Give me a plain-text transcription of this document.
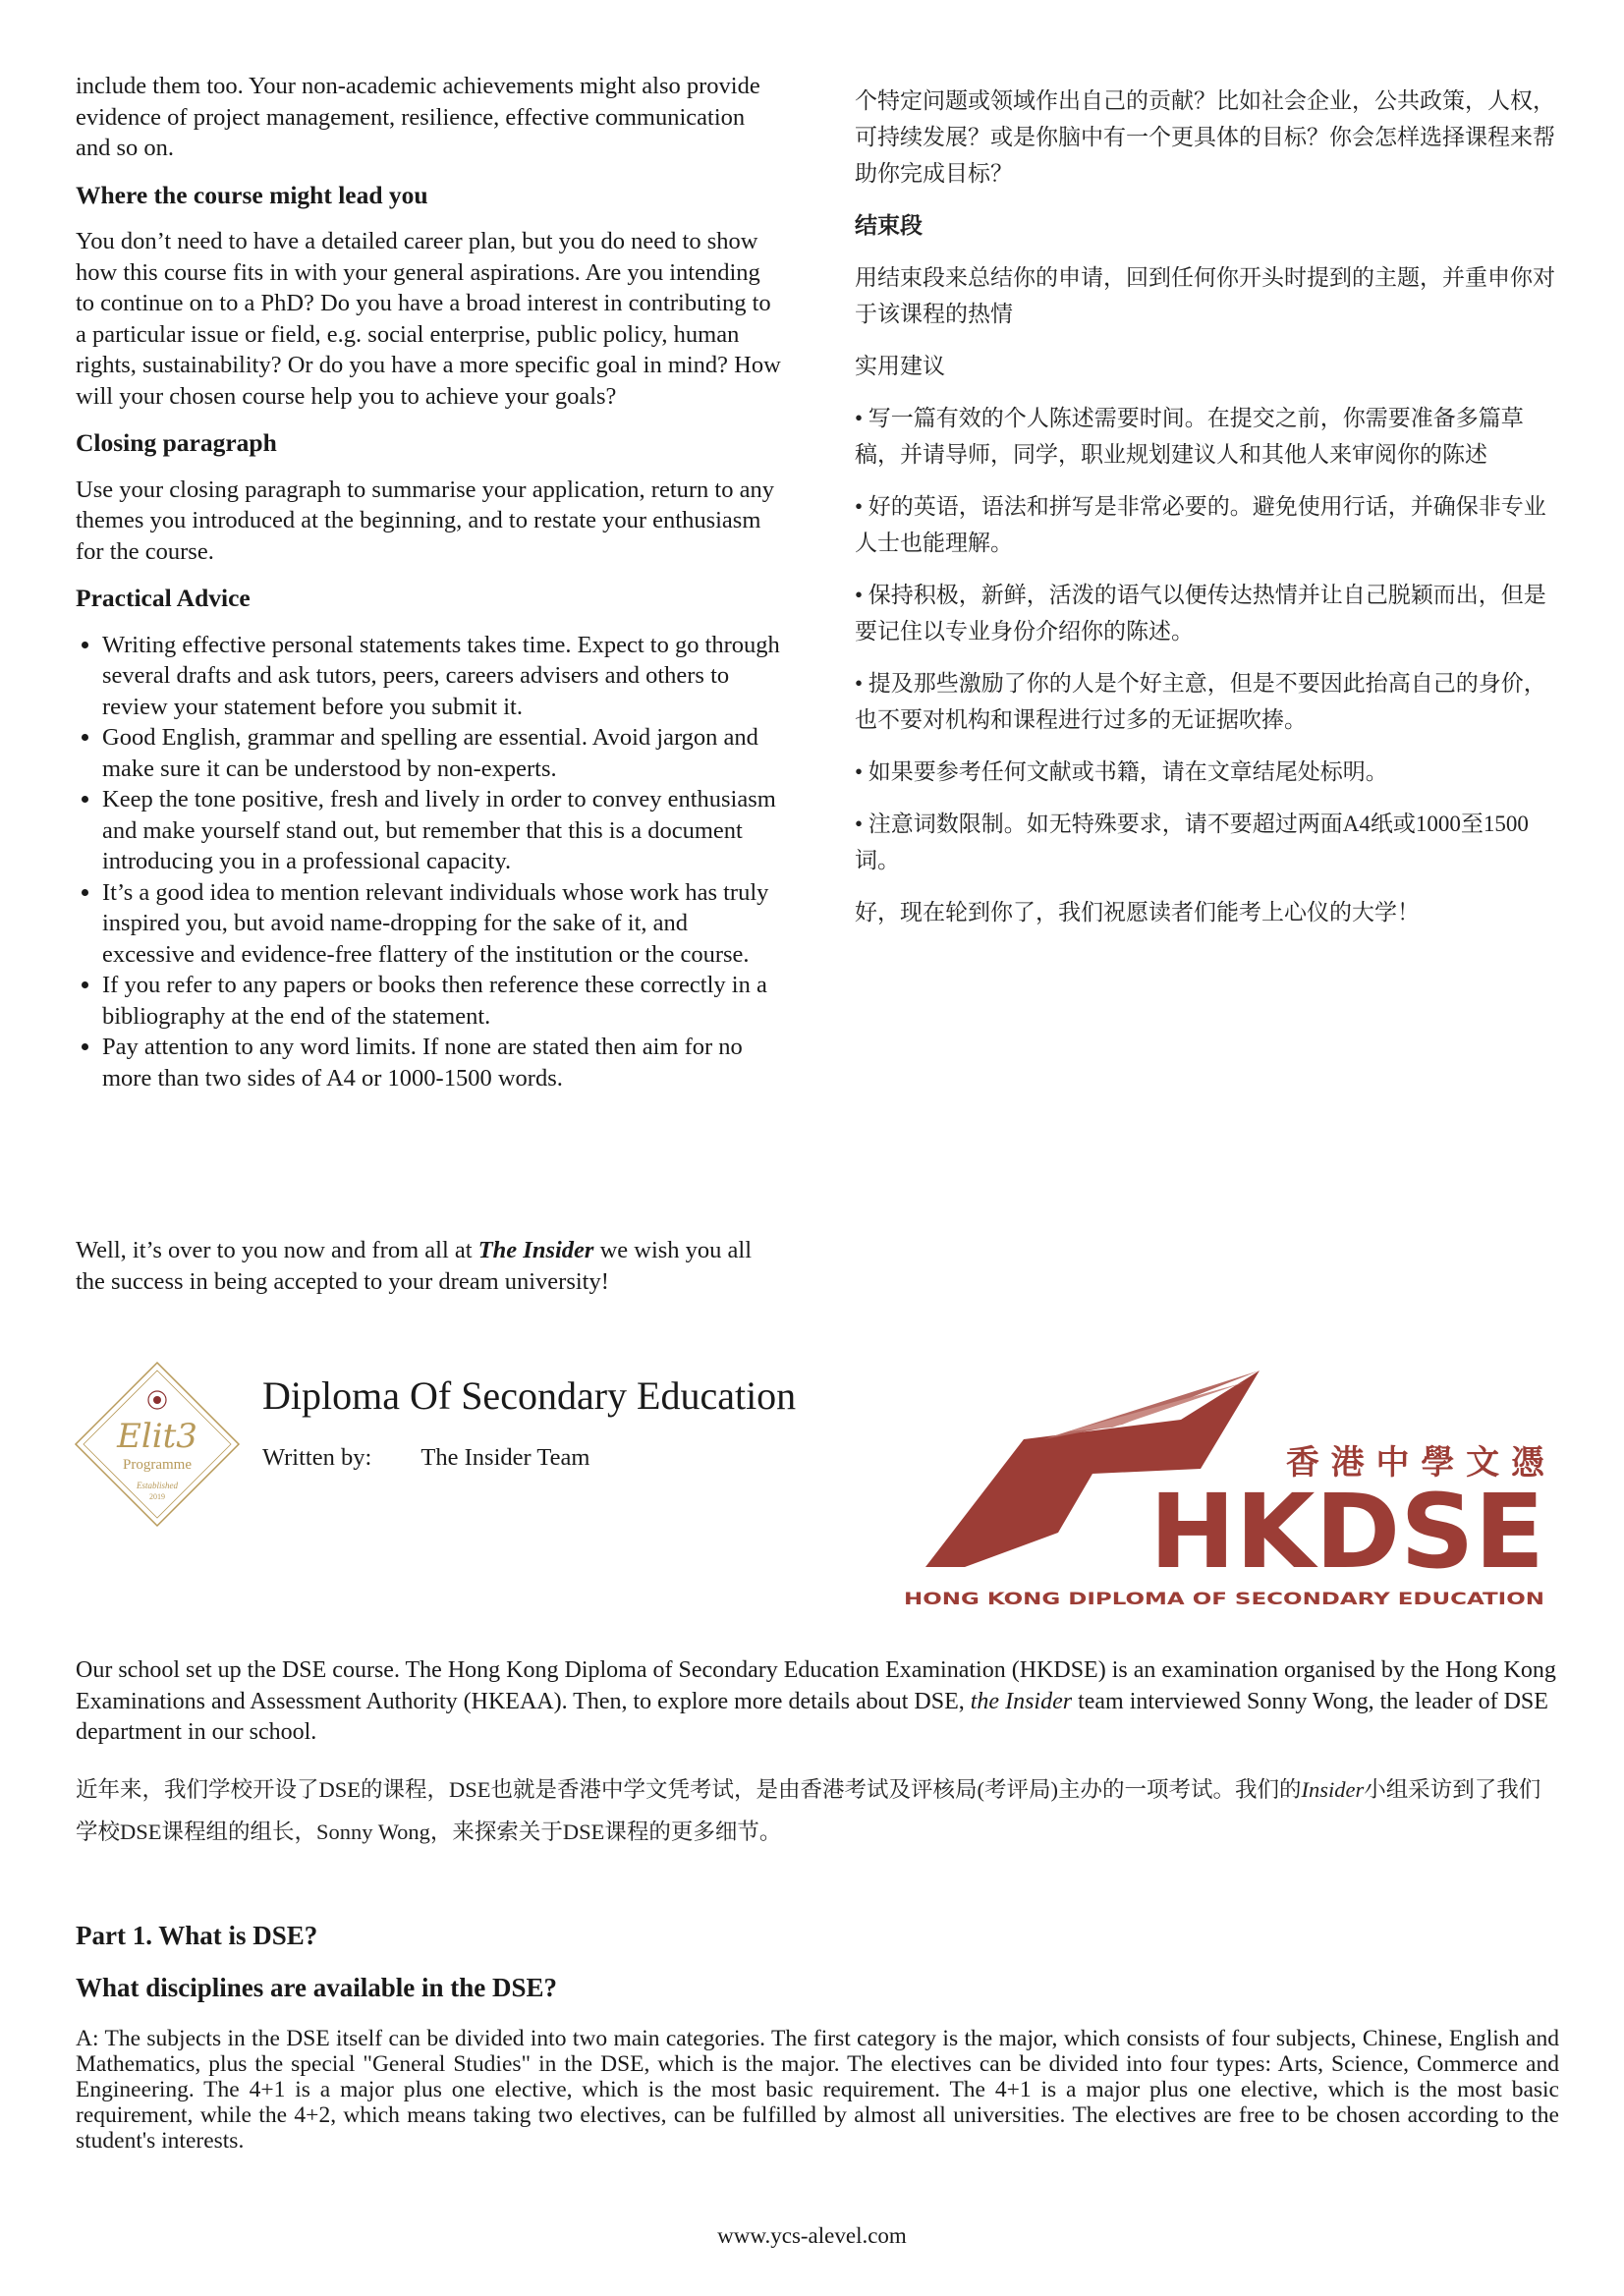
include them too. Your non-academic achievements might also provide evidence of project management, resilience, effective communication and so on.

Where the course might lead you

You don’t need to have a detailed career plan, but you do need to show how this course fits in with your general aspirations. Are you intending to continue on to a PhD? Do you have a broad interest in contributing to a particular issue or field, e.g. social enterprise, public policy, human rights, sustainability? Or do you have a more specific goal in mind? How will your chosen course help you to achieve your goals?

Closing paragraph

Use your closing paragraph to summarise your application, return to any themes you introduced at the beginning, and to restate your enthusiasm for the course.

Practical Advice
• Writing effective personal statements takes time. Expect to go through several drafts and ask tutors, peers, careers advisers and others to review your statement before you submit it.
• Good English, grammar and spelling are essential. Avoid jargon and make sure it can be understood by non-experts.
• Keep the tone positive, fresh and lively in order to convey enthusiasm and make yourself stand out, but remember that this is a document introducing you in a professional capacity.
• It’s a good idea to mention relevant individuals whose work has truly inspired you, but avoid name-dropping for the sake of it, and excessive and evidence-free flattery of the institution or the course.
• If you refer to any papers or books then reference these correctly in a bibliography at the end of the statement.
• Pay attention to any word limits. If none are stated then aim for no more than two sides of A4 or 1000-1500 words.

Well, it’s over to you now and from all at The Insider we wish you all the success in being accepted to your dream university!

个特定问题或领域作出自己的贡献？比如社会企业，公共政策，人权，可持续发展？或是你脑中有一个更具体的目标？你会怎样选择课程来帮助你完成目标？

结束段

用结束段来总结你的申请，回到任何你开头时提到的主题，并重申你对于该课程的热情

实用建议

• 写一篇有效的个人陈述需要时间。在提交之前，你需要准备多篇草稿，并请导师，同学，职业规划建议人和其他人来审阅你的陈述

• 好的英语，语法和拼写是非常必要的。避免使用行话，并确保非专业人士也能理解。

• 保持积极，新鲜，活泼的语气以便传达热情并让自己脱颖而出，但是要记住以专业身份介绍你的陈述。

• 提及那些激励了你的人是个好主意，但是不要因此抬高自己的身价，也不要对机构和课程进行过多的无证据吹捧。

• 如果要参考任何文献或书籍，请在文章结尾处标明。

• 注意词数限制。如无特殊要求，请不要超过两面A4纸或1000至1500词。

好，现在轮到你了，我们祝愿读者们能考上心仪的大学！

Elit3
Programme
Established
2019
Diploma Of Secondary Education
Written by: The Insider Team	香 港 中 學 文 憑
HKDSE
HONG KONG DIPLOMA OF SECONDARY EDUCATION

Our school set up the DSE course. The Hong Kong Diploma of Secondary Education Examination (HKDSE) is an examination organised by the Hong Kong Examinations and Assessment Authority (HKEAA). Then, to explore more details about DSE, the Insider team interviewed Sonny Wong, the leader of DSE department in our school.

近年来，我们学校开设了DSE的课程，DSE也就是香港中学文凭考试，是由香港考试及评核局(考评局)主办的一项考试。我们的Insider小组采访到了我们学校DSE课程组的组长，Sonny Wong，来探索关于DSE课程的更多细节。

Part 1. What is DSE?
What disciplines are available in the DSE?

A: The subjects in the DSE itself can be divided into two main categories. The first category is the major, which consists of four subjects, Chinese, English and Mathematics, plus the special "General Studies" in the DSE, which is the major. The electives can be divided into four types: Arts, Science, Commerce and Engineering. The 4+1 is a major plus one elective, which is the most basic requirement. The 4+1 is a major plus one elective, which is the most basic requirement, while the 4+2, which means taking two electives, can be fulfilled by almost all universities. The electives are free to be chosen according to the student's interests.

www.ycs-alevel.com
